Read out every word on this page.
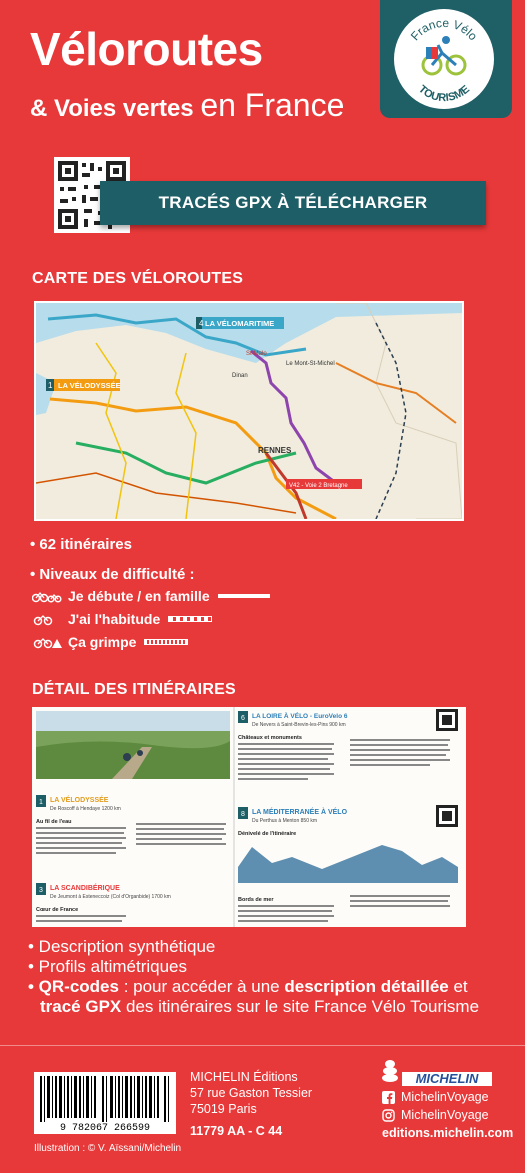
Véloroutes
& Voies vertes en France
France Vélo
TOURISME
TRACÉS GPX À TÉLÉCHARGER
CARTE DES VÉLOROUTES
4 LA VÉLOMARITIME
1 LA VÉLODYSSÉE
St-Malo
Le Mont-St-Michel
Dinan
RENNES
V42 - Voie 2 Bretagne
• 62 itinéraires
• Niveaux de difficulté :
Je débute / en famille
J'ai l'habitude
Ça grimpe
DÉTAIL DES ITINÉRAIRES
1 LA VÉLODYSSÉE
De Roscoff à Hendaye 1200 km
Au fil de l'eau
3 LA SCANDIBÉRIQUE
De Jeumont à Esteneccoiz (Col d'Organbide) 1700 km
Cœur de France
6 LA LOIRE À VÉLO - EuroVelo 6
De Nevers à Saint-Brevin-les-Pins 900 km
Châteaux et monuments
8 LA MÉDITERRANÉE À VÉLO
Du Perthus à Menton 850 km
Dénivelé de l'itinéraire
Bords de mer
• Description synthétique
• Profils altimétriques
• QR-codes : pour accéder à une description détaillée et
tracé GPX des itinéraires sur le site France Vélo Tourisme
9 782067 266599
MICHELIN Éditions
57 rue Gaston Tessier
75019 Paris
11779 AA - C 44
Illustration : © V. Aïssani/Michelin
MICHELIN
MichelinVoyage
MichelinVoyage
editions.michelin.com
